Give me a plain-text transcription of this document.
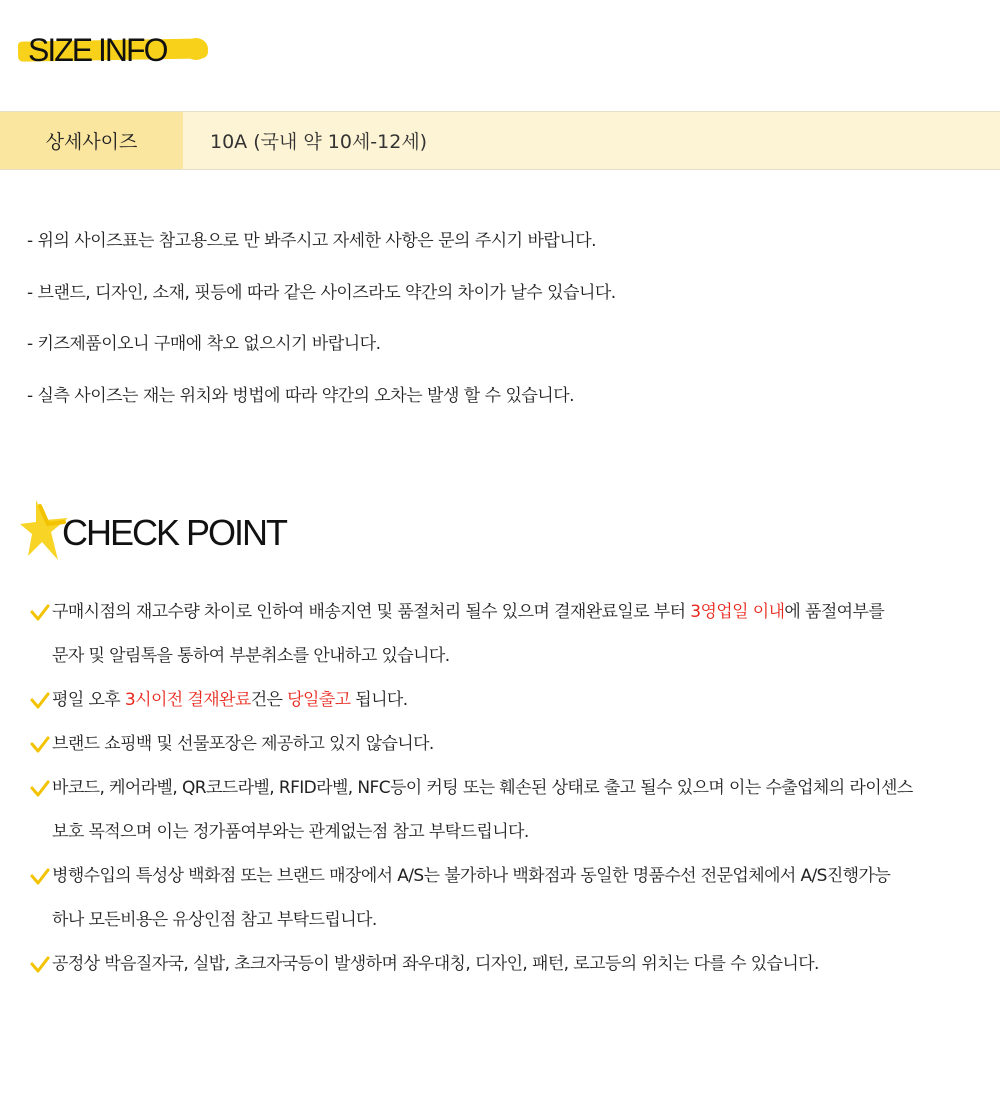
SIZE INFO
상세사이즈	10A (국내 약 10세-12세)
- 위의 사이즈표는 참고용으로 만 봐주시고 자세한 사항은 문의 주시기 바랍니다.
- 브랜드, 디자인, 소재, 핏등에 따라 같은 사이즈라도 약간의 차이가 날수 있습니다.
- 키즈제품이오니 구매에 착오 없으시기 바랍니다.
- 실측 사이즈는 재는 위치와 벙법에 따라 약간의 오차는 발생 할 수 있습니다.
CHECK POINT
구매시점의 재고수량 차이로 인하여 배송지연 및 품절처리 될수 있으며 결재완료일로 부터 3영업일 이내에 품절여부를
문자 및 알림톡을 통하여 부분취소를 안내하고 있습니다.
평일 오후 3시이전 결재완료건은 당일출고 됩니다.
브랜드 쇼핑백 및 선물포장은 제공하고 있지 않습니다.
바코드, 케어라벨, QR코드라벨, RFID라벨, NFC등이 커팅 또는 훼손된 상태로 출고 될수 있으며 이는 수출업체의 라이센스
보호 목적으며 이는 정가품여부와는 관계없는점 참고 부탁드립니다.
병행수입의 특성상 백화점 또는 브랜드 매장에서 A/S는 불가하나 백화점과 동일한 명품수선 전문업체에서 A/S진행가능
하나 모든비용은 유상인점 참고 부탁드립니다.
공정상 박음질자국, 실밥, 초크자국등이 발생하며 좌우대칭, 디자인, 패턴, 로고등의 위치는 다를 수 있습니다.
